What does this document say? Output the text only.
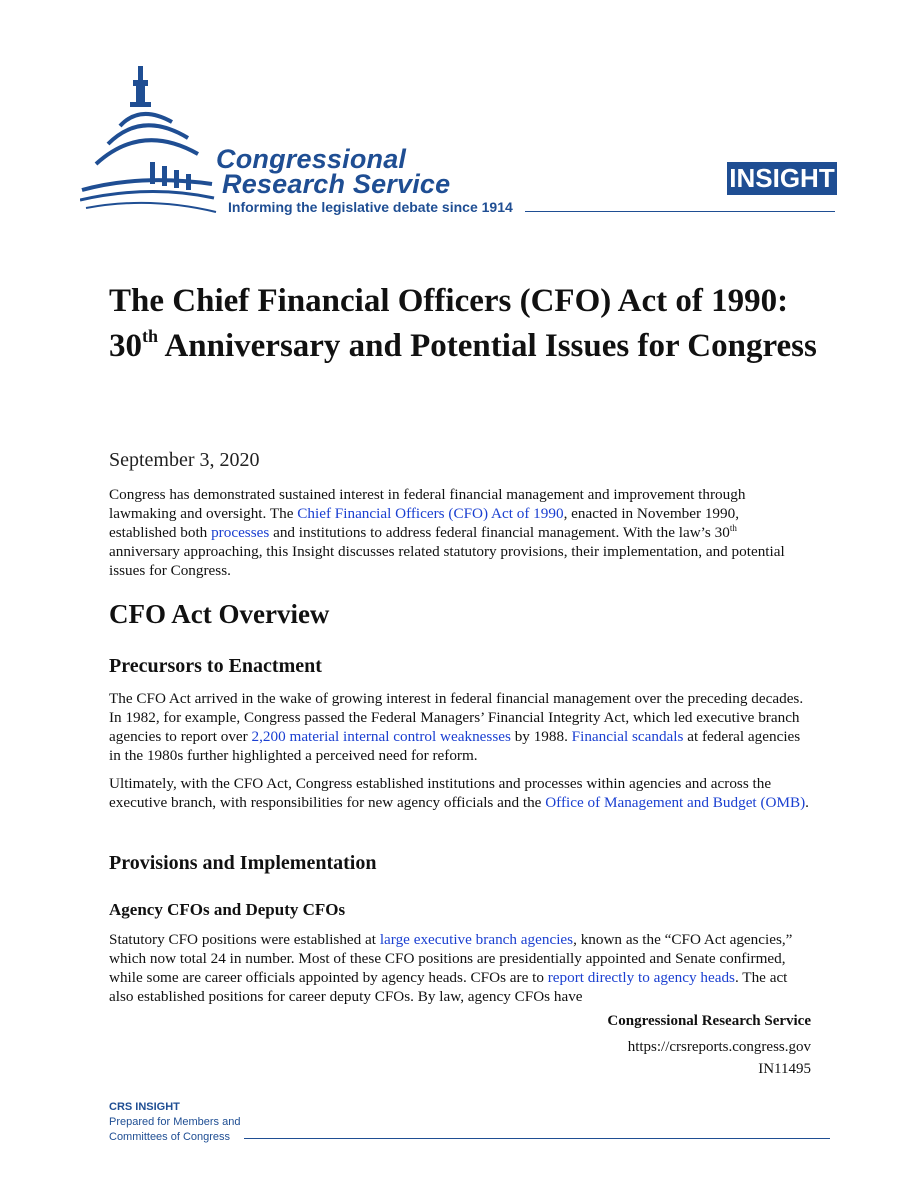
Congressional
Research Service
Informing the legislative debate since 1914
INSIGHT
The Chief Financial Officers (CFO) Act of 1990: 30th Anniversary and Potential Issues for Congress
September 3, 2020

Congress has demonstrated sustained interest in federal financial management and improvement through lawmaking and oversight. The Chief Financial Officers (CFO) Act of 1990, enacted in November 1990, established both processes and institutions to address federal financial management. With the law’s 30th anniversary approaching, this Insight discusses related statutory provisions, their implementation, and potential issues for Congress.

CFO Act Overview
Precursors to Enactment

The CFO Act arrived in the wake of growing interest in federal financial management over the preceding decades. In 1982, for example, Congress passed the Federal Managers’ Financial Integrity Act, which led executive branch agencies to report over 2,200 material internal control weaknesses by 1988. Financial scandals at federal agencies in the 1980s further highlighted a perceived need for reform.

Ultimately, with the CFO Act, Congress established institutions and processes within agencies and across the executive branch, with responsibilities for new agency officials and the Office of Management and Budget (OMB).

Provisions and Implementation
Agency CFOs and Deputy CFOs

Statutory CFO positions were established at large executive branch agencies, known as the “CFO Act agencies,” which now total 24 in number. Most of these CFO positions are presidentially appointed and Senate confirmed, while some are career officials appointed by agency heads. CFOs are to report directly to agency heads. The act also established positions for career deputy CFOs. By law, agency CFOs have

Congressional Research Service
https://crsreports.congress.gov
IN11495
CRS INSIGHT
Prepared for Members and
Committees of Congress
